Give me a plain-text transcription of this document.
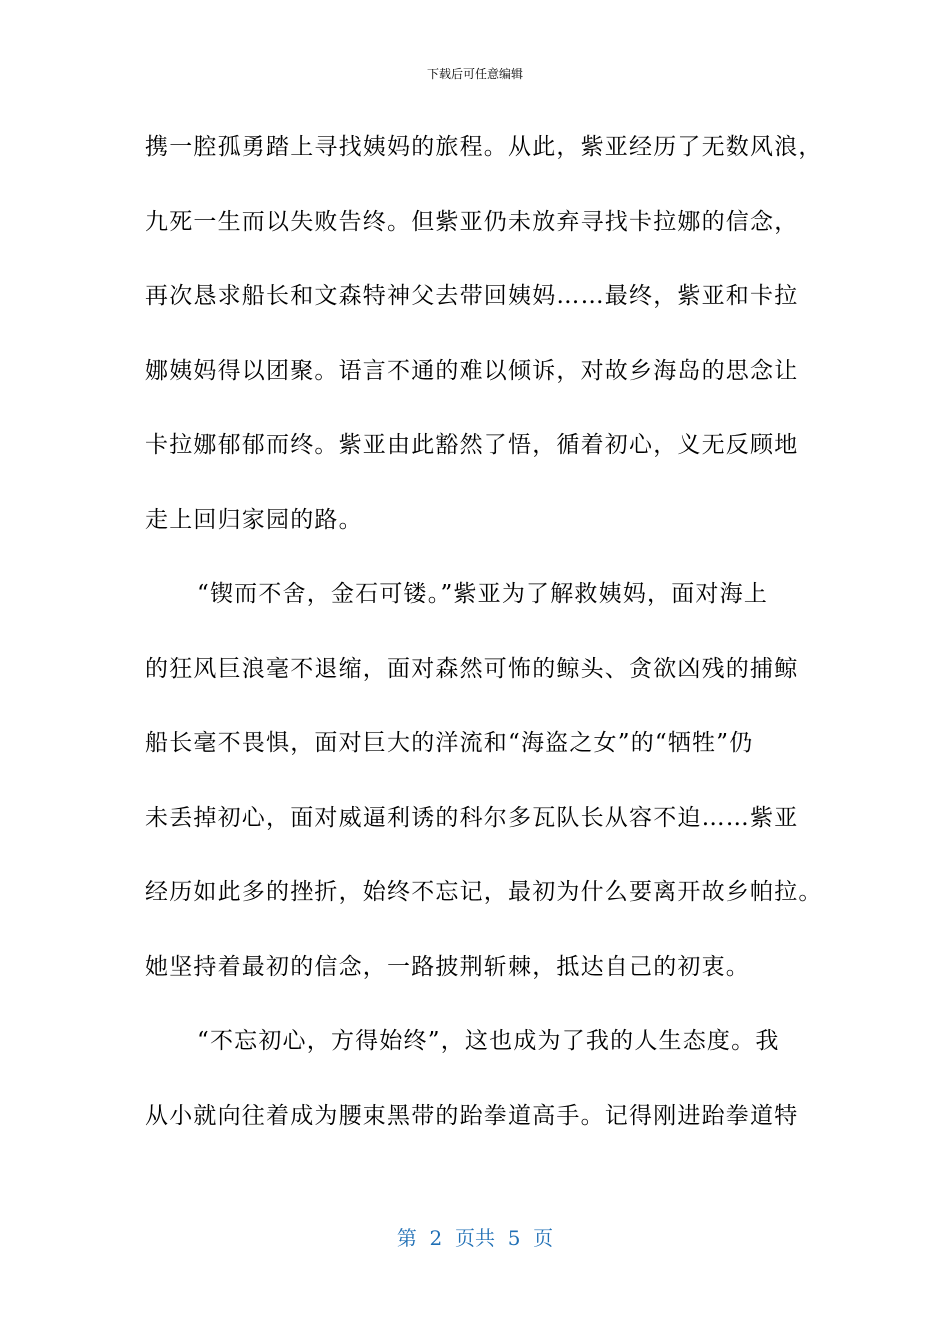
下载后可任意编辑
携一腔孤勇踏上寻找姨妈的旅程。从此，紫亚经历了无数风浪，
九死一生而以失败告终。但紫亚仍未放弃寻找卡拉娜的信念，
再次恳求船长和文森特神父去带回姨妈……最终，紫亚和卡拉
娜姨妈得以团聚。语言不通的难以倾诉，对故乡海岛的思念让
卡拉娜郁郁而终。紫亚由此豁然了悟，循着初心，义无反顾地
走上回归家园的路。
“锲而不舍，金石可镂。”紫亚为了解救姨妈，面对海上
的狂风巨浪毫不退缩，面对森然可怖的鲸头、贪欲凶残的捕鲸
船长毫不畏惧，面对巨大的洋流和“海盗之女”的“牺牲”仍
未丢掉初心，面对威逼利诱的科尔多瓦队长从容不迫……紫亚
经历如此多的挫折，始终不忘记，最初为什么要离开故乡帕拉。
她坚持着最初的信念，一路披荆斩棘，抵达自己的初衷。
“不忘初心，方得始终”，这也成为了我的人生态度。我
从小就向往着成为腰束黑带的跆拳道高手。记得刚进跆拳道特
第  2  页共  5  页
